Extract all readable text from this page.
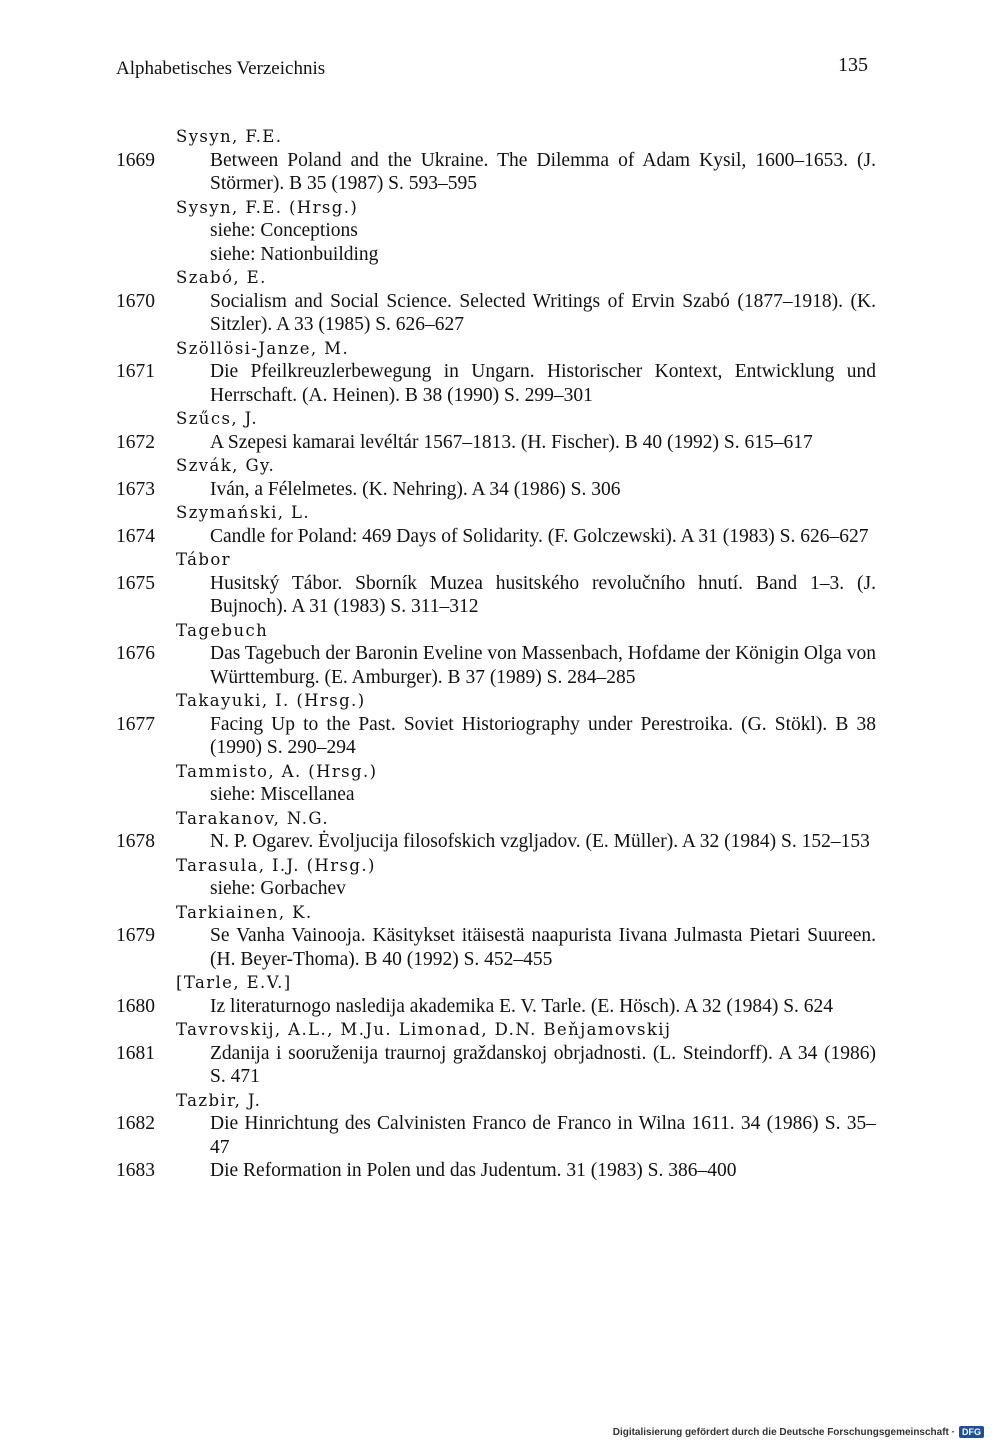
Alphabetisches Verzeichnis	135
Sysyn, F.E.
1669	Between Poland and the Ukraine. The Dilemma of Adam Kysil, 1600–1653. (J. Störmer). B 35 (1987) S. 593–595
Sysyn, F.E. (Hrsg.)
siehe: Conceptions
siehe: Nationbuilding
Szabó, E.
1670	Socialism and Social Science. Selected Writings of Ervin Szabó (1877–1918). (K. Sitzler). A 33 (1985) S. 626–627
Szöllösi-Janze, M.
1671	Die Pfeilkreuzlerbewegung in Ungarn. Historischer Kontext, Entwicklung und Herrschaft. (A. Heinen). B 38 (1990) S. 299–301
Szűcs, J.
1672	A Szepesi kamarai levéltár 1567–1813. (H. Fischer). B 40 (1992) S. 615–617
Szvák, Gy.
1673	Iván, a Félelmetes. (K. Nehring). A 34 (1986) S. 306
Szymański, L.
1674	Candle for Poland: 469 Days of Solidarity. (F. Golczewski). A 31 (1983) S. 626–627
Tábor
1675	Husitský Tábor. Sborník Muzea husitského revolučního hnutí. Band 1–3. (J. Bujnoch). A 31 (1983) S. 311–312
Tagebuch
1676	Das Tagebuch der Baronin Eveline von Massenbach, Hofdame der Königin Olga von Württemburg. (E. Amburger). B 37 (1989) S. 284–285
Takayuki, I. (Hrsg.)
1677	Facing Up to the Past. Soviet Historiography under Perestroika. (G. Stökl). B 38 (1990) S. 290–294
Tammisto, A. (Hrsg.)
siehe: Miscellanea
Tarakanov, N.G.
1678	N. P. Ogarev. Ėvoljucija filosofskich vzgljadov. (E. Müller). A 32 (1984) S. 152–153
Tarasula, I.J. (Hrsg.)
siehe: Gorbachev
Tarkiainen, K.
1679	Se Vanha Vainooja. Käsitykset itäisestä naapurista Iivana Julmasta Pietari Suureen. (H. Beyer-Thoma). B 40 (1992) S. 452–455
[Tarle, E.V.]
1680	Iz literaturnogo nasledija akademika E. V. Tarle. (E. Hösch). A 32 (1984) S. 624
Tavrovskij, A.L., M.Ju. Limonad, D.N. Beňjamovskij
1681	Zdanija i sooruženija traurnoj graždanskoj obrjadnosti. (L. Steindorff). A 34 (1986) S. 471
Tazbir, J.
1682	Die Hinrichtung des Calvinisten Franco de Franco in Wilna 1611. 34 (1986) S. 35–47
1683	Die Reformation in Polen und das Judentum. 31 (1983) S. 386–400
Digitalisierung gefördert durch die Deutsche Forschungsgemeinschaft · DFG
